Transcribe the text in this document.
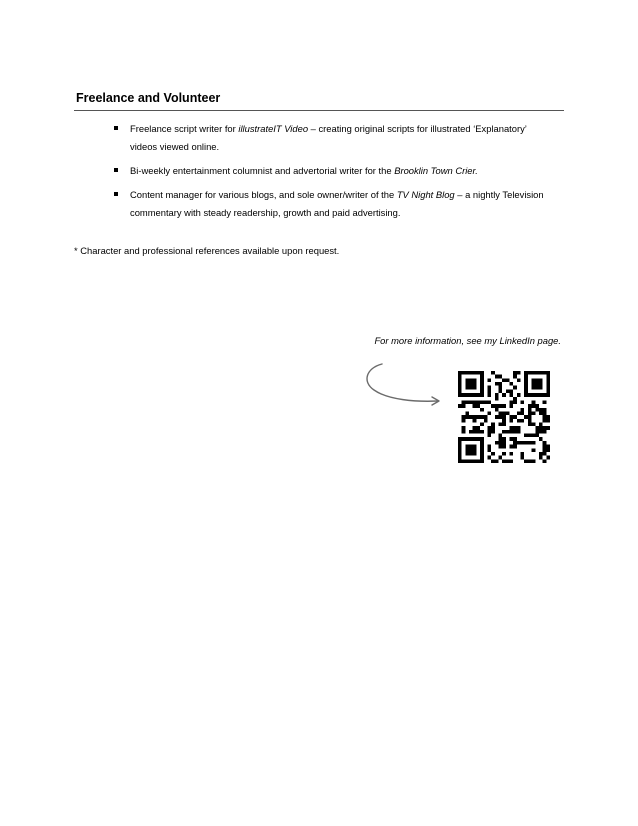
Freelance and Volunteer
Freelance script writer for illustrateIT Video – creating original scripts for illustrated ‘Explanatory’
videos viewed online.
Bi-weekly entertainment columnist and advertorial writer for the Brooklin Town Crier.
Content manager for various blogs, and sole owner/writer of the TV Night Blog – a nightly Television
commentary with steady readership, growth and paid advertising.
* Character and professional references available upon request.
For more information, see my LinkedIn page.
